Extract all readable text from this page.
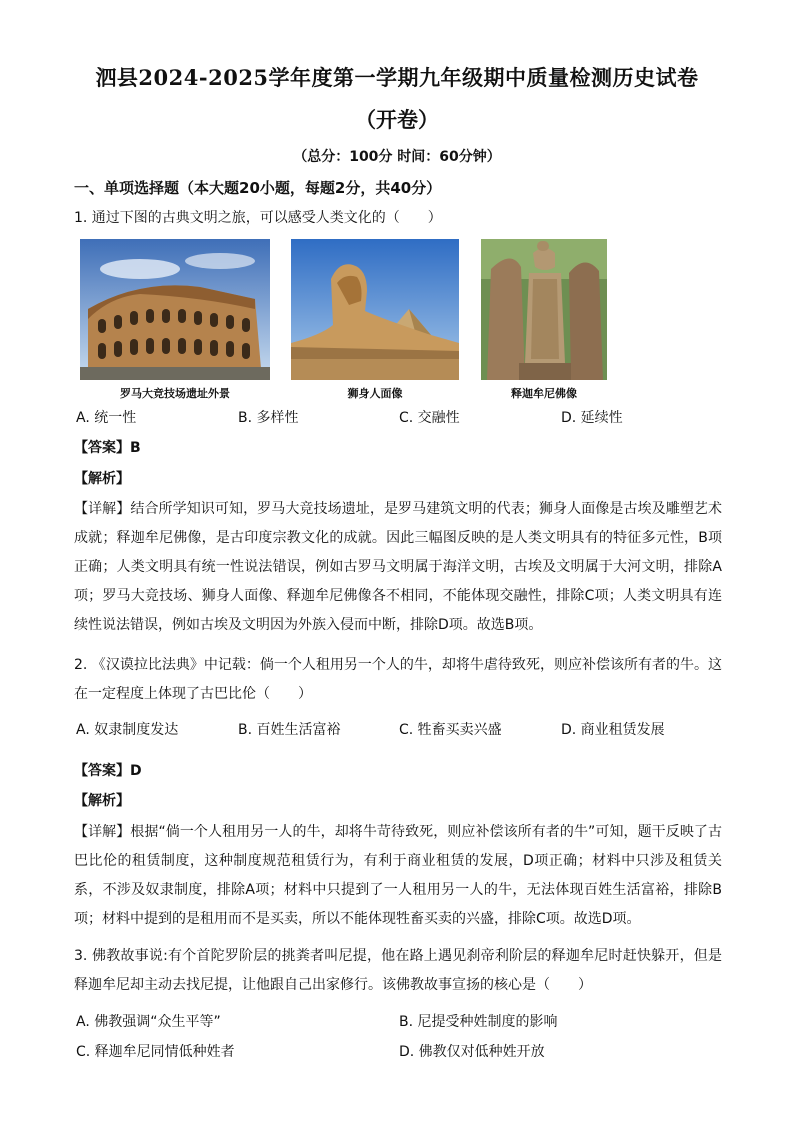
泗县2024-2025学年度第一学期九年级期中质量检测历史试卷
（开卷）
（总分：100分 时间：60分钟）
一、单项选择题（本大题20小题，每题2分，共40分）
1. 通过下图的古典文明之旅，可以感受人类文化的（　　）
罗马大竞技场遗址外景	狮身人面像	释迦牟尼佛像
A. 统一性	B. 多样性	C. 交融性	D. 延续性
【答案】B
【解析】
【详解】结合所学知识可知，罗马大竞技场遗址，是罗马建筑文明的代表；狮身人面像是古埃及雕塑艺术成就；释迦牟尼佛像，是古印度宗教文化的成就。因此三幅图反映的是人类文明具有的特征多元性，B项正确；人类文明具有统一性说法错误，例如古罗马文明属于海洋文明，古埃及文明属于大河文明，排除A项；罗马大竞技场、狮身人面像、释迦牟尼佛像各不相同，不能体现交融性，排除C项；人类文明具有连续性说法错误，例如古埃及文明因为外族入侵而中断，排除D项。故选B项。
2. 《汉谟拉比法典》中记载：倘一个人租用另一个人的牛，却将牛虐待致死，则应补偿该所有者的牛。这在一定程度上体现了古巴比伦（　　）
A. 奴隶制度发达	B. 百姓生活富裕	C. 牲畜买卖兴盛	D. 商业租赁发展
【答案】D
【解析】
【详解】根据“倘一个人租用另一人的牛，却将牛苛待致死，则应补偿该所有者的牛”可知，题干反映了古巴比伦的租赁制度，这种制度规范租赁行为，有利于商业租赁的发展，D项正确；材料中只涉及租赁关系，不涉及奴隶制度，排除A项；材料中只提到了一人租用另一人的牛，无法体现百姓生活富裕，排除B项；材料中提到的是租用而不是买卖，所以不能体现牲畜买卖的兴盛，排除C项。故选D项。
3. 佛教故事说:有个首陀罗阶层的挑粪者叫尼提，他在路上遇见刹帝利阶层的释迦牟尼时赶快躲开，但是释迦牟尼却主动去找尼提，让他跟自己出家修行。该佛教故事宣扬的核心是（　　）
A. 佛教强调“众生平等”	B. 尼提受种姓制度的影响
C. 释迦牟尼同情低种姓者	D. 佛教仅对低种姓开放
